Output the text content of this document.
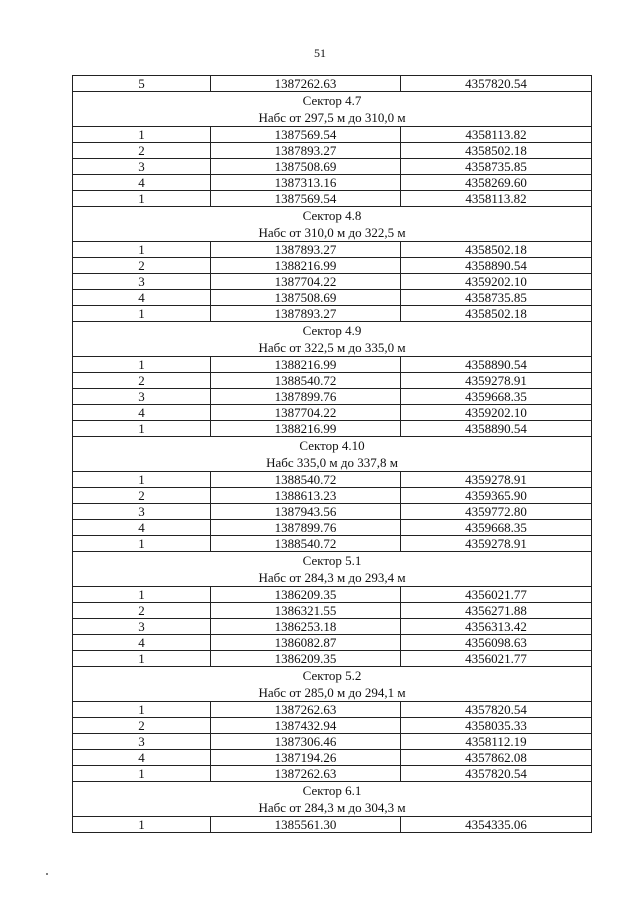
51
5	1387262.63	4357820.54
Сектор 4.7		
Набс от 297,5 м до 310,0 м		
1	1387569.54	4358113.82
2	1387893.27	4358502.18
3	1387508.69	4358735.85
4	1387313.16	4358269.60
1	1387569.54	4358113.82
Сектор 4.8		
Набс от 310,0 м до 322,5 м		
1	1387893.27	4358502.18
2	1388216.99	4358890.54
3	1387704.22	4359202.10
4	1387508.69	4358735.85
1	1387893.27	4358502.18
Сектор 4.9		
Набс от 322,5 м до 335,0 м		
1	1388216.99	4358890.54
2	1388540.72	4359278.91
3	1387899.76	4359668.35
4	1387704.22	4359202.10
1	1388216.99	4358890.54
Сектор 4.10		
Набс 335,0 м до 337,8 м		
1	1388540.72	4359278.91
2	1388613.23	4359365.90
3	1387943.56	4359772.80
4	1387899.76	4359668.35
1	1388540.72	4359278.91
Сектор 5.1		
Набс от 284,3 м до 293,4 м		
1	1386209.35	4356021.77
2	1386321.55	4356271.88
3	1386253.18	4356313.42
4	1386082.87	4356098.63
1	1386209.35	4356021.77
Сектор 5.2		
Набс от 285,0 м до 294,1 м		
1	1387262.63	4357820.54
2	1387432.94	4358035.33
3	1387306.46	4358112.19
4	1387194.26	4357862.08
1	1387262.63	4357820.54
Сектор 6.1		
Набс от 284,3 м до 304,3 м		
1	1385561.30	4354335.06
